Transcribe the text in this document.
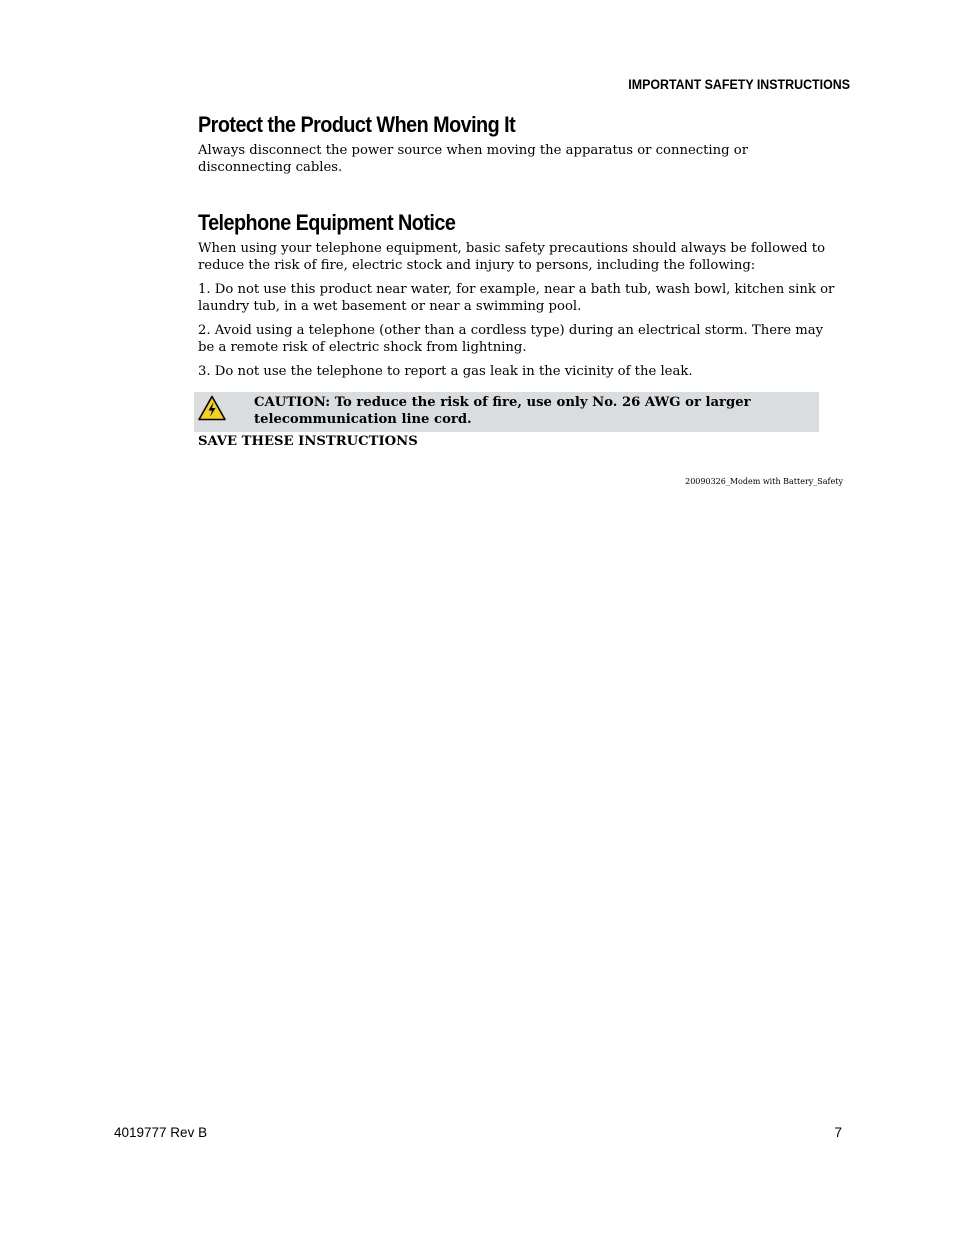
IMPORTANT SAFETY INSTRUCTIONS
Protect the Product When Moving It

Always disconnect the power source when moving the apparatus or connecting or disconnecting cables.

Telephone Equipment Notice

When using your telephone equipment, basic safety precautions should always be followed to reduce the risk of fire, electric stock and injury to persons, including the following:

1. Do not use this product near water, for example, near a bath tub, wash bowl, kitchen sink or laundry tub, in a wet basement or near a swimming pool.

2. Avoid using a telephone (other than a cordless type) during an electrical storm. There may be a remote risk of electric shock from lightning.

3. Do not use the telephone to report a gas leak in the vicinity of the leak.

CAUTION: To reduce the risk of fire, use only No. 26 AWG or larger telecommunication line cord.
SAVE THESE INSTRUCTIONS
20090326_Modem with Battery_Safety
4019777 Rev B	7
